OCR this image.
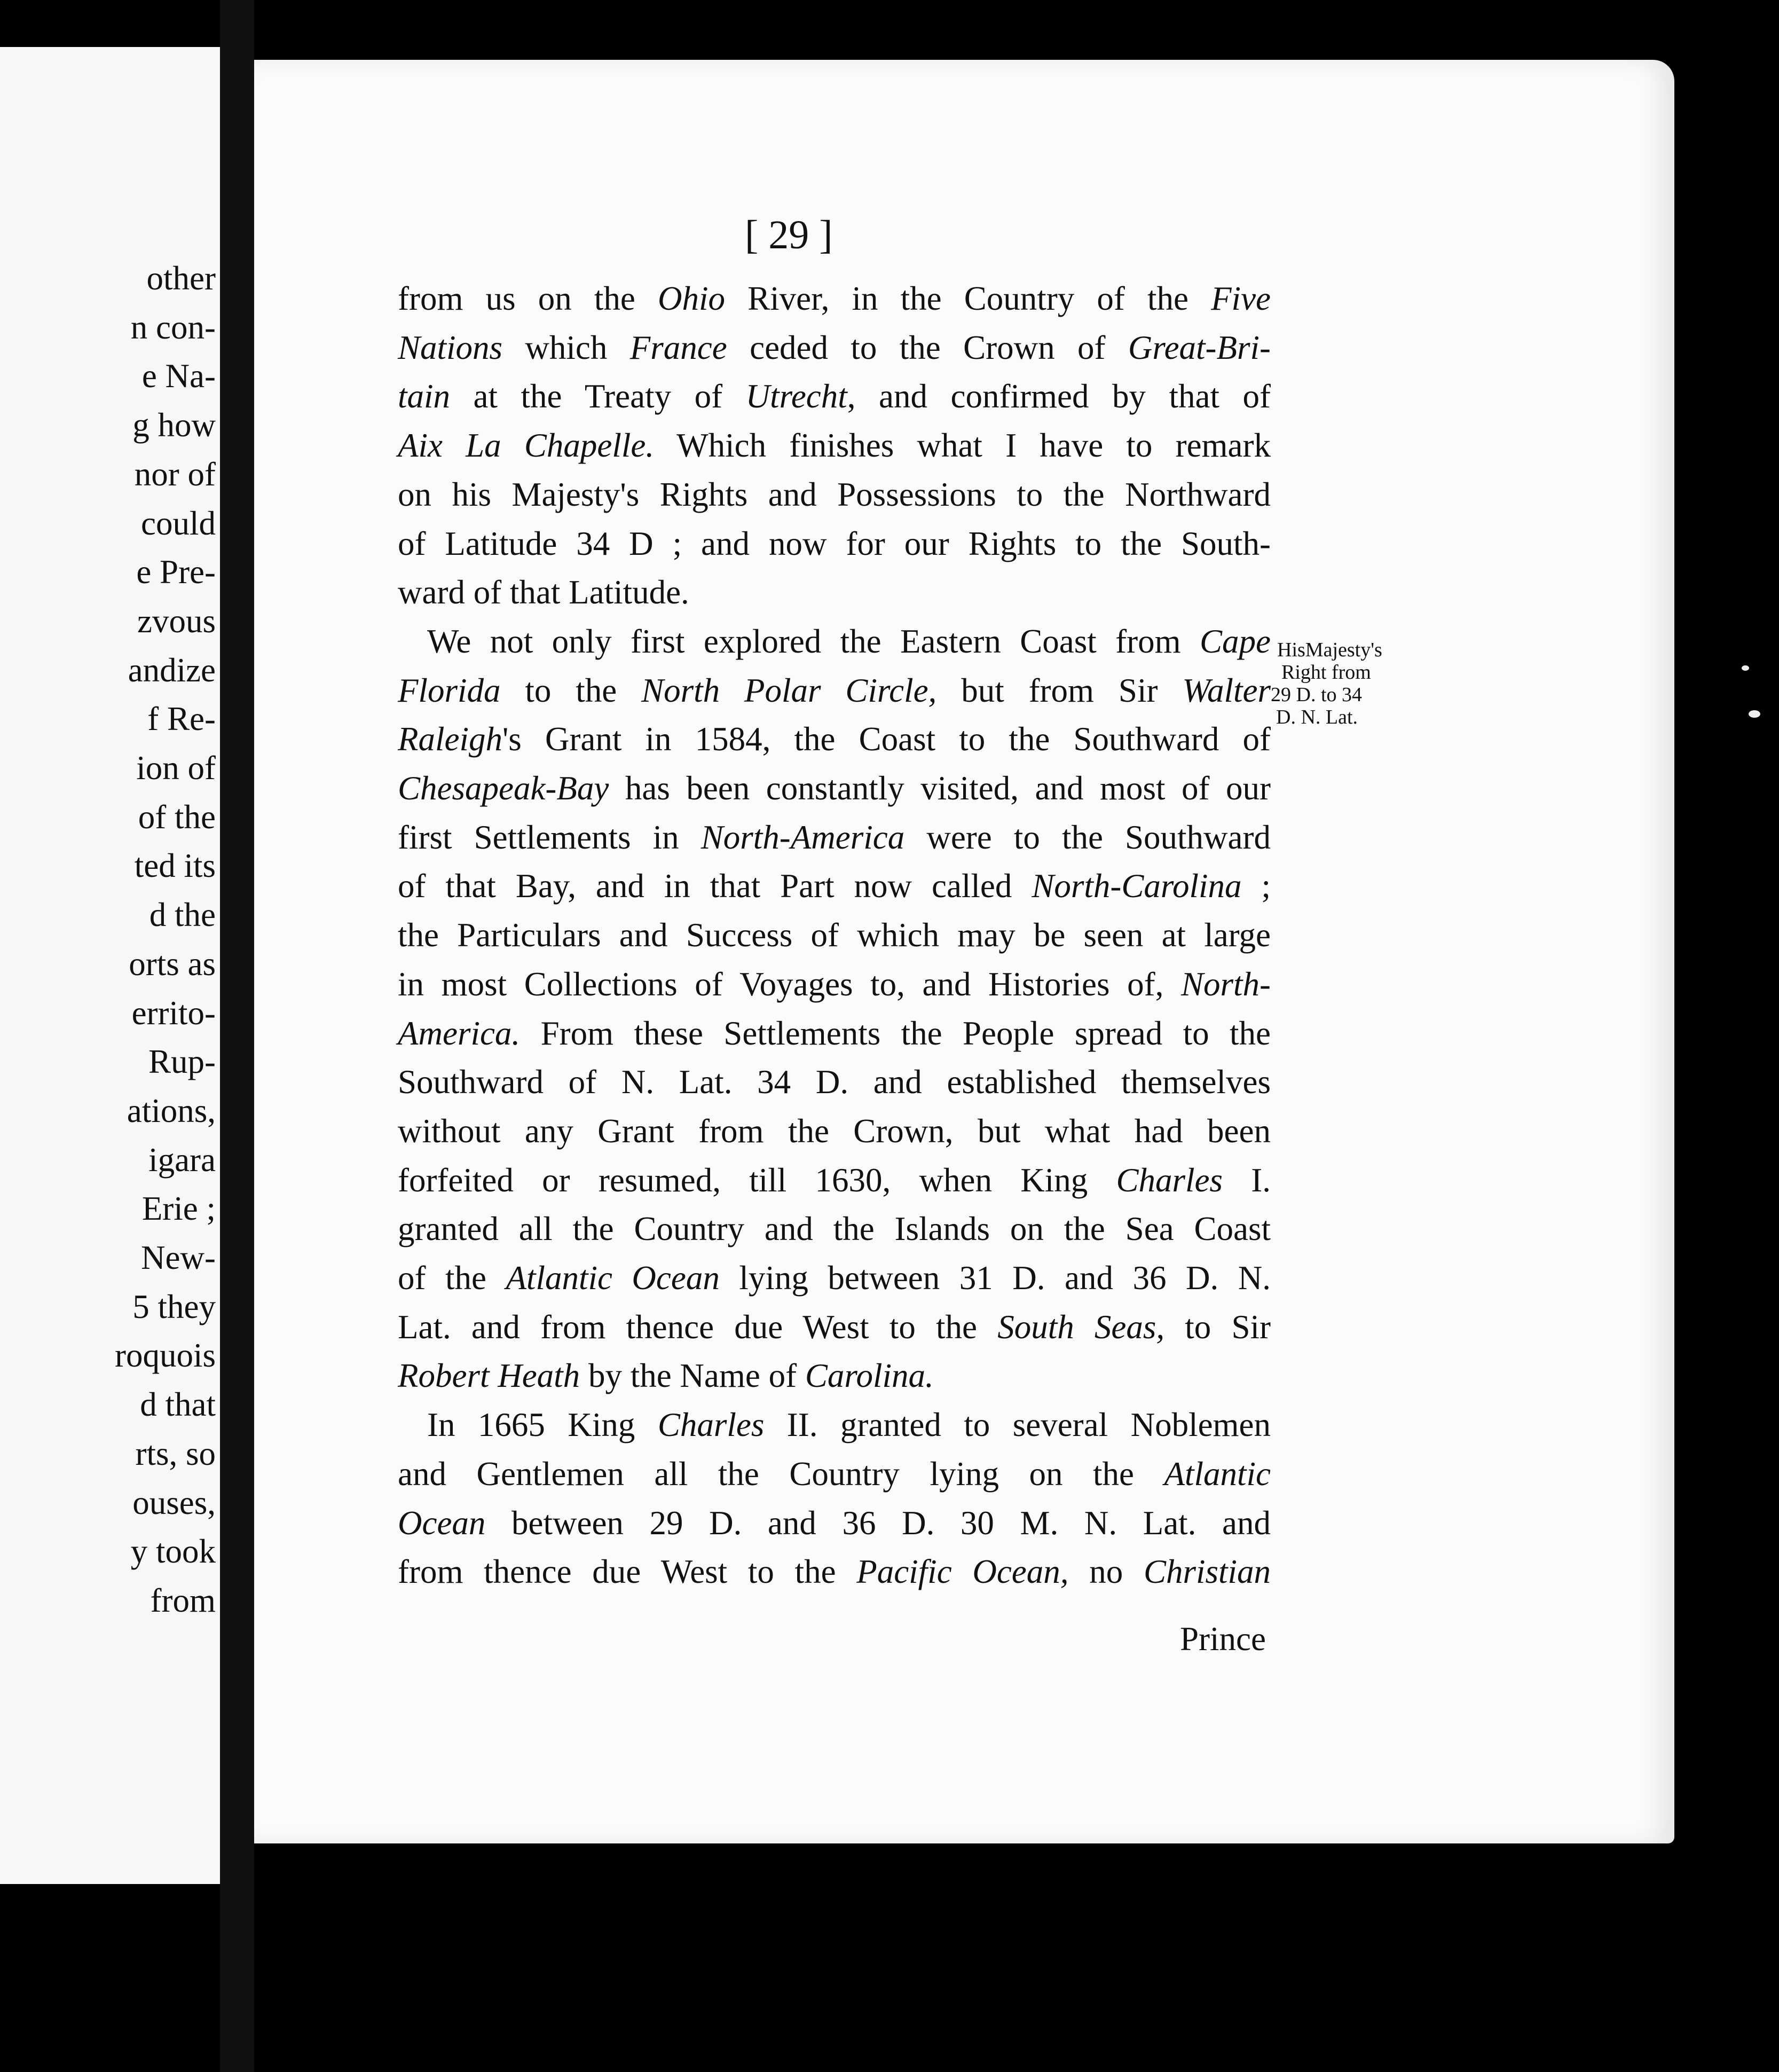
other
n con-
e Na-
g how
nor of
could
e Pre-
zvous
andize
f Re-
ion of
of the
ted its
d the
orts as
errito-
Rup-
ations,
igara
Erie ;
New-
5 they
roquois
d that
rts, so
ouses,
y took
from
[ 29 ]
from us on the Ohio River, in the Country of the Five
Nations which France ceded to the Crown of Great-Bri-
tain at the Treaty of Utrecht, and confirmed by that of
Aix La Chapelle. Which finishes what I have to remark
on his Majesty's Rights and Possessions to the Northward
of Latitude 34 D ; and now for our Rights to the South-
ward of that Latitude.
We not only first explored the Eastern Coast from Cape
Florida to the North Polar Circle, but from Sir Walter
Raleigh's Grant in 1584, the Coast to the Southward of
Chesapeak-Bay has been constantly visited, and most of our
first Settlements in North-America were to the Southward
of that Bay, and in that Part now called North-Carolina ;
the Particulars and Success of which may be seen at large
in most Collections of Voyages to, and Histories of, North-
America. From these Settlements the People spread to the
Southward of N. Lat. 34 D. and established themselves
without any Grant from the Crown, but what had been
forfeited or resumed, till 1630, when King Charles I.
granted all the Country and the Islands on the Sea Coast
of the Atlantic Ocean lying between 31 D. and 36 D. N.
Lat. and from thence due West to the South Seas, to Sir
Robert Heath by the Name of Carolina.
In 1665 King Charles II. granted to several Noblemen
and Gentlemen all the Country lying on the Atlantic
Ocean between 29 D. and 36 D. 30 M. N. Lat. and
from thence due West to the Pacific Ocean, no Christian
Prince
HisMajesty's
Right from
29 D. to 34
D. N. Lat.
